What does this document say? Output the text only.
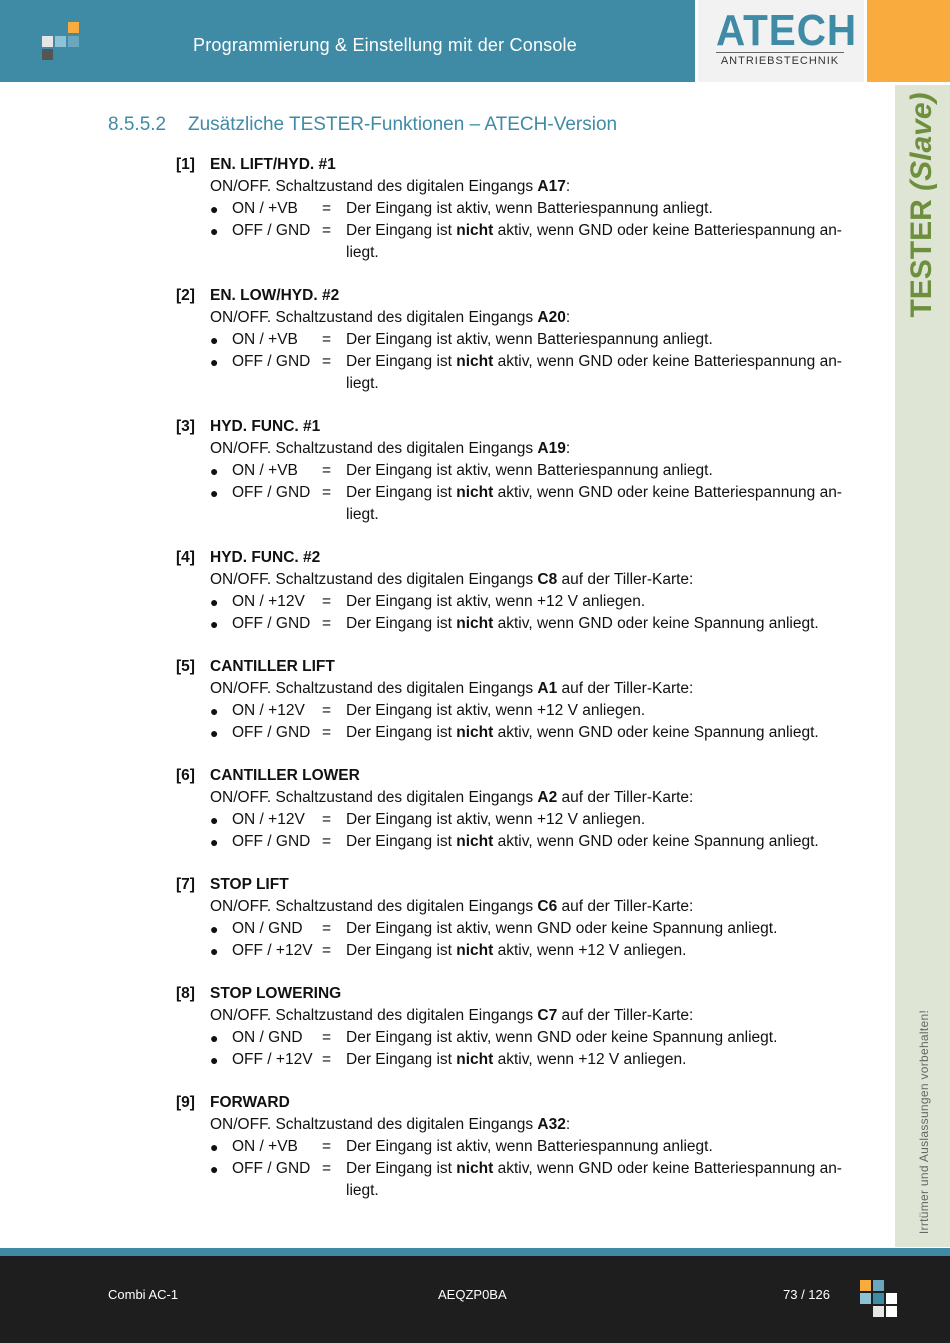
Programmierung & Einstellung mit der Console	ATECH
ANTRIEBSTECHNIK
TESTER (Slave)
Irrtümer und Auslassungen vorbehalten!
8.5.5.2 Zusätzliche TESTER-Funktionen – ATECH-Version
[1] EN. LIFT/HYD. #1
ON/OFF. Schaltzustand des digitalen Eingangs A17:
● ON / +VB	= Der Eingang ist aktiv, wenn Batteriespannung anliegt.
● OFF / GND = Der Eingang ist nicht aktiv, wenn GND oder keine Batteriespannung an-liegt.
[2] EN. LOW/HYD. #2
ON/OFF. Schaltzustand des digitalen Eingangs A20:
● ON / +VB	= Der Eingang ist aktiv, wenn Batteriespannung anliegt.
● OFF / GND = Der Eingang ist nicht aktiv, wenn GND oder keine Batteriespannung an-liegt.
[3] HYD. FUNC. #1
ON/OFF. Schaltzustand des digitalen Eingangs A19:
● ON / +VB	= Der Eingang ist aktiv, wenn Batteriespannung anliegt.
● OFF / GND = Der Eingang ist nicht aktiv, wenn GND oder keine Batteriespannung an-liegt.
[4] HYD. FUNC. #2
ON/OFF. Schaltzustand des digitalen Eingangs C8 auf der Tiller-Karte:
● ON / +12V	= Der Eingang ist aktiv, wenn +12 V anliegen.
● OFF / GND = Der Eingang ist nicht aktiv, wenn GND oder keine Spannung anliegt.
[5] CANTILLER LIFT
ON/OFF. Schaltzustand des digitalen Eingangs A1 auf der Tiller-Karte:
● ON / +12V	= Der Eingang ist aktiv, wenn +12 V anliegen.
● OFF / GND = Der Eingang ist nicht aktiv, wenn GND oder keine Spannung anliegt.
[6] CANTILLER LOWER
ON/OFF. Schaltzustand des digitalen Eingangs A2 auf der Tiller-Karte:
● ON / +12V	= Der Eingang ist aktiv, wenn +12 V anliegen.
● OFF / GND = Der Eingang ist nicht aktiv, wenn GND oder keine Spannung anliegt.
[7] STOP LIFT
ON/OFF. Schaltzustand des digitalen Eingangs C6 auf der Tiller-Karte:
● ON / GND	= Der Eingang ist aktiv, wenn GND oder keine Spannung anliegt.
● OFF / +12V = Der Eingang ist nicht aktiv, wenn +12 V anliegen.
[8] STOP LOWERING
ON/OFF. Schaltzustand des digitalen Eingangs C7 auf der Tiller-Karte:
● ON / GND	= Der Eingang ist aktiv, wenn GND oder keine Spannung anliegt.
● OFF / +12V = Der Eingang ist nicht aktiv, wenn +12 V anliegen.
[9] FORWARD
ON/OFF. Schaltzustand des digitalen Eingangs A32:
● ON / +VB	= Der Eingang ist aktiv, wenn Batteriespannung anliegt.
● OFF / GND = Der Eingang ist nicht aktiv, wenn GND oder keine Batteriespannung an-liegt.
Combi AC-1	AEQZP0BA	73 / 126
